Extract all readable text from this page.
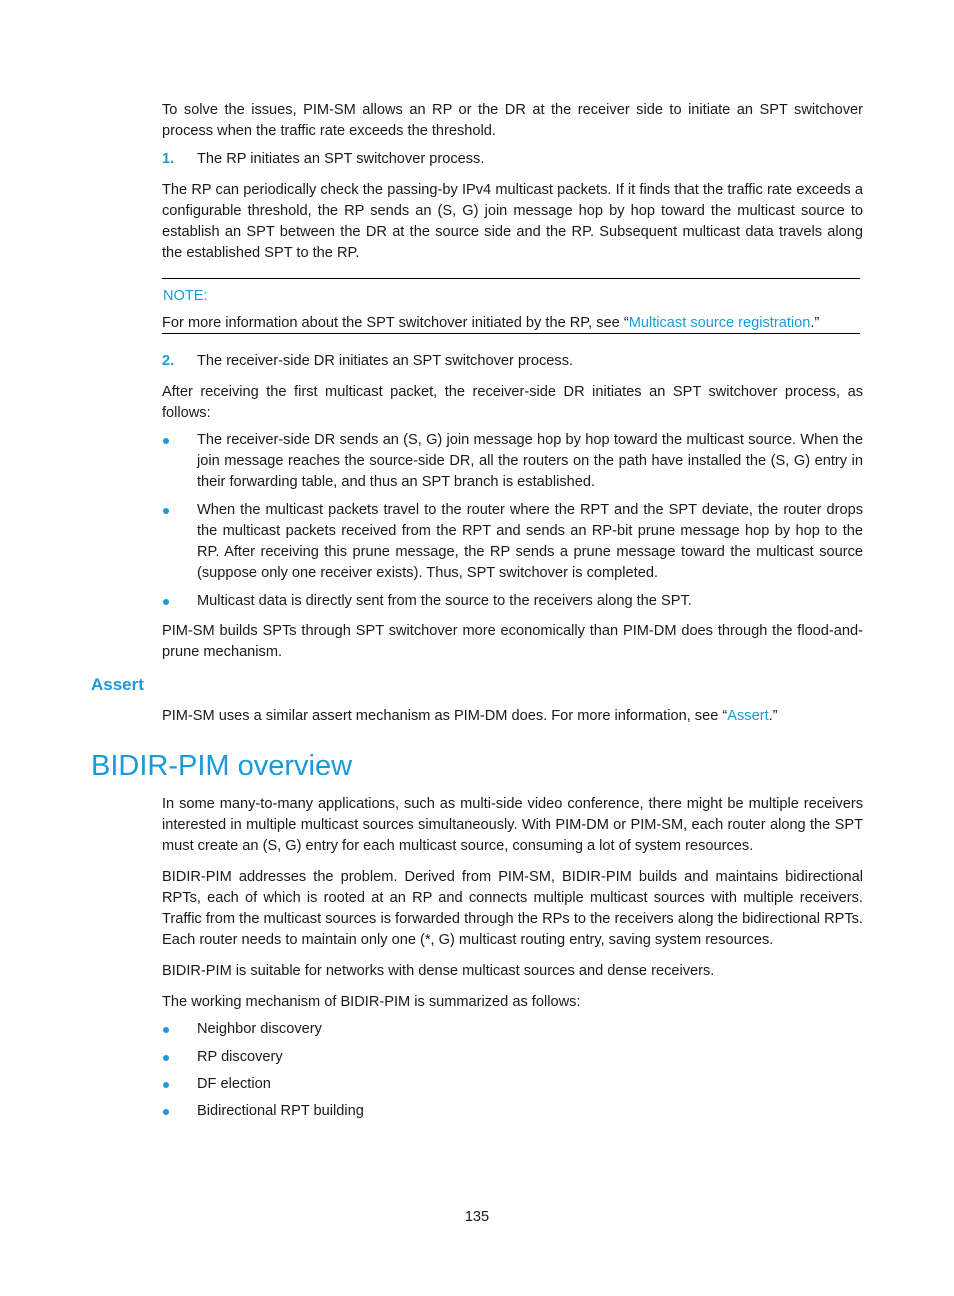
To solve the issues, PIM-SM allows an RP or the DR at the receiver side to initiate an SPT switchover process when the traffic rate exceeds the threshold.
1. The RP initiates an SPT switchover process.
The RP can periodically check the passing-by IPv4 multicast packets. If it finds that the traffic rate exceeds a configurable threshold, the RP sends an (S, G) join message hop by hop toward the multicast source to establish an SPT between the DR at the source side and the RP. Subsequent multicast data travels along the established SPT to the RP.
NOTE:
For more information about the SPT switchover initiated by the RP, see “Multicast source registration.”
2. The receiver-side DR initiates an SPT switchover process.
After receiving the first multicast packet, the receiver-side DR initiates an SPT switchover process, as follows:
The receiver-side DR sends an (S, G) join message hop by hop toward the multicast source. When the join message reaches the source-side DR, all the routers on the path have installed the (S, G) entry in their forwarding table, and thus an SPT branch is established.
When the multicast packets travel to the router where the RPT and the SPT deviate, the router drops the multicast packets received from the RPT and sends an RP-bit prune message hop by hop to the RP. After receiving this prune message, the RP sends a prune message toward the multicast source (suppose only one receiver exists). Thus, SPT switchover is completed.
Multicast data is directly sent from the source to the receivers along the SPT.
PIM-SM builds SPTs through SPT switchover more economically than PIM-DM does through the flood-and-prune mechanism.
Assert
PIM-SM uses a similar assert mechanism as PIM-DM does. For more information, see “Assert.”
BIDIR-PIM overview
In some many-to-many applications, such as multi-side video conference, there might be multiple receivers interested in multiple multicast sources simultaneously. With PIM-DM or PIM-SM, each router along the SPT must create an (S, G) entry for each multicast source, consuming a lot of system resources.
BIDIR-PIM addresses the problem. Derived from PIM-SM, BIDIR-PIM builds and maintains bidirectional RPTs, each of which is rooted at an RP and connects multiple multicast sources with multiple receivers. Traffic from the multicast sources is forwarded through the RPs to the receivers along the bidirectional RPTs. Each router needs to maintain only one (*, G) multicast routing entry, saving system resources.
BIDIR-PIM is suitable for networks with dense multicast sources and dense receivers.
The working mechanism of BIDIR-PIM is summarized as follows:
Neighbor discovery
RP discovery
DF election
Bidirectional RPT building
135
